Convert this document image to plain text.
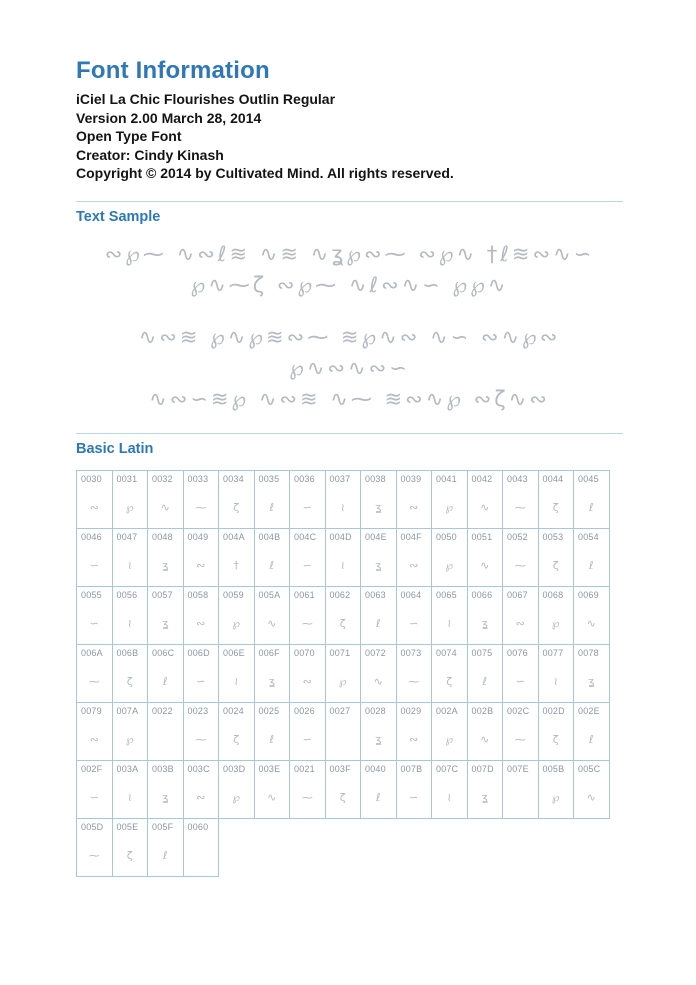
Font Information
iCiel La Chic Flourishes Outlin Regular
Version 2.00 March 28, 2014
Open Type Font
Creator: Cindy Kinash
Copyright © 2014 by Cultivated Mind. All rights reserved.
Text Sample

∾℘⁓ ∿∾ℓ≋ ∿≋ ∿ʓ℘∾⁓ ∾℘∿ †ℓ≋∾∿∽
℘∿⁓ζ ∾℘⁓ ∿ℓ∾∿∽ ℘℘∿

∿∾≋ ℘∿℘≋∾⁓ ≋℘∿∾ ∿∽ ∾∿℘∾ ℘∿∾∿∾∽
∿∾∽≋℘ ∿∾≋ ∿⁓ ≋∾∿℘ ∾ζ∿∾

Basic Latin
0030
∾
0031
℘
0032
∿
0033
⁓
0034
ζ
0035
ℓ
0036
∽
0037
≀
0038
ʓ
0039
∾
0041
℘
0042
∿
0043
⁓
0044
ζ
0045
ℓ
0046
∽
0047
≀
0048
ʓ
0049
∾
004A
†
004B
ℓ
004C
∽
004D
≀
004E
ʓ
004F
∾
0050
℘
0051
∿
0052
⁓
0053
ζ
0054
ℓ
0055
∽
0056
≀
0057
ʓ
0058
∾
0059
℘
005A
∿
0061
⁓
0062
ζ
0063
ℓ
0064
∽
0065
≀
0066
ʓ
0067
∾
0068
℘
0069
∿
006A
⁓
006B
ζ
006C
ℓ
006D
∽
006E
≀
006F
ʓ
0070
∾
0071
℘
0072
∿
0073
⁓
0074
ζ
0075
ℓ
0076
∽
0077
≀
0078
ʓ
0079
∾
007A
℘
0022 0023
⁓
0024
ζ
0025
ℓ
0026
∽
0027 0028
ʓ
0029
∾
002A
℘
002B
∿
002C
⁓
002D
ζ
002E
ℓ
002F
∽
003A
≀
003B
ʓ
003C
∾
003D
℘
003E
∿
0021
⁓
003F
ζ
0040
ℓ
007B
∽
007C
≀
007D
ʓ
007E 005B
℘
005C
∿
005D
⁓
005E
ζ
005F
ℓ
0060
